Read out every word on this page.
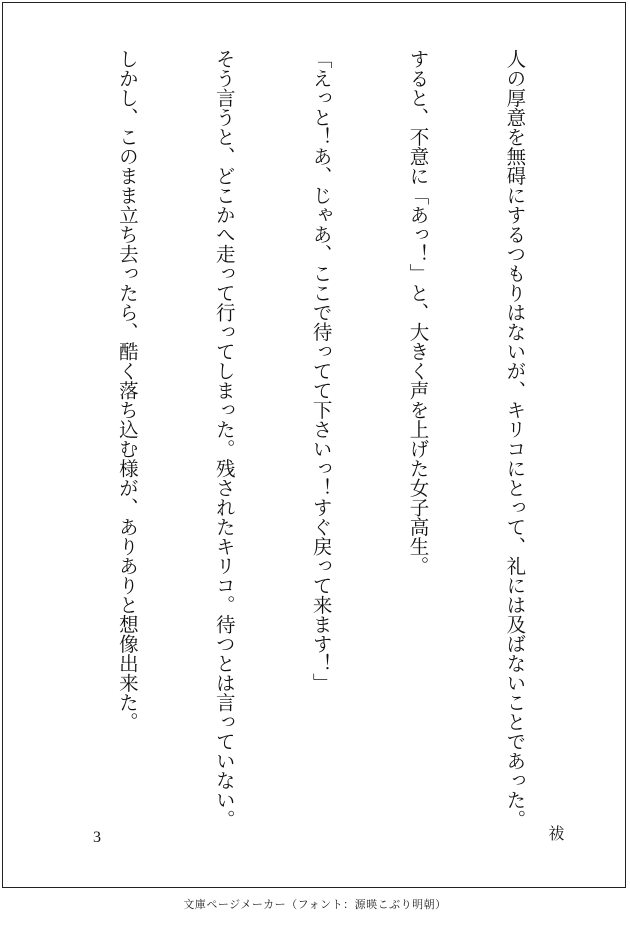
人の厚意を無碍にするつもりはないが、キリコにとって、礼には及ばないことであった。

すると、不意に「あっ！」と、大きく声を上げた女子高生。

「えっと！あ、じゃあ、ここで待ってて下さいっ！すぐ戻って来ます！」

そう言うと、どこかへ走って行ってしまった。残されたキリコ。待つとは言っていない。

しかし、このまま立ち去ったら、酷く落ち込む様が、ありありと想像出来た。

祓
3
文庫ページメーカー（フォント：源暎こぶり明朝）
